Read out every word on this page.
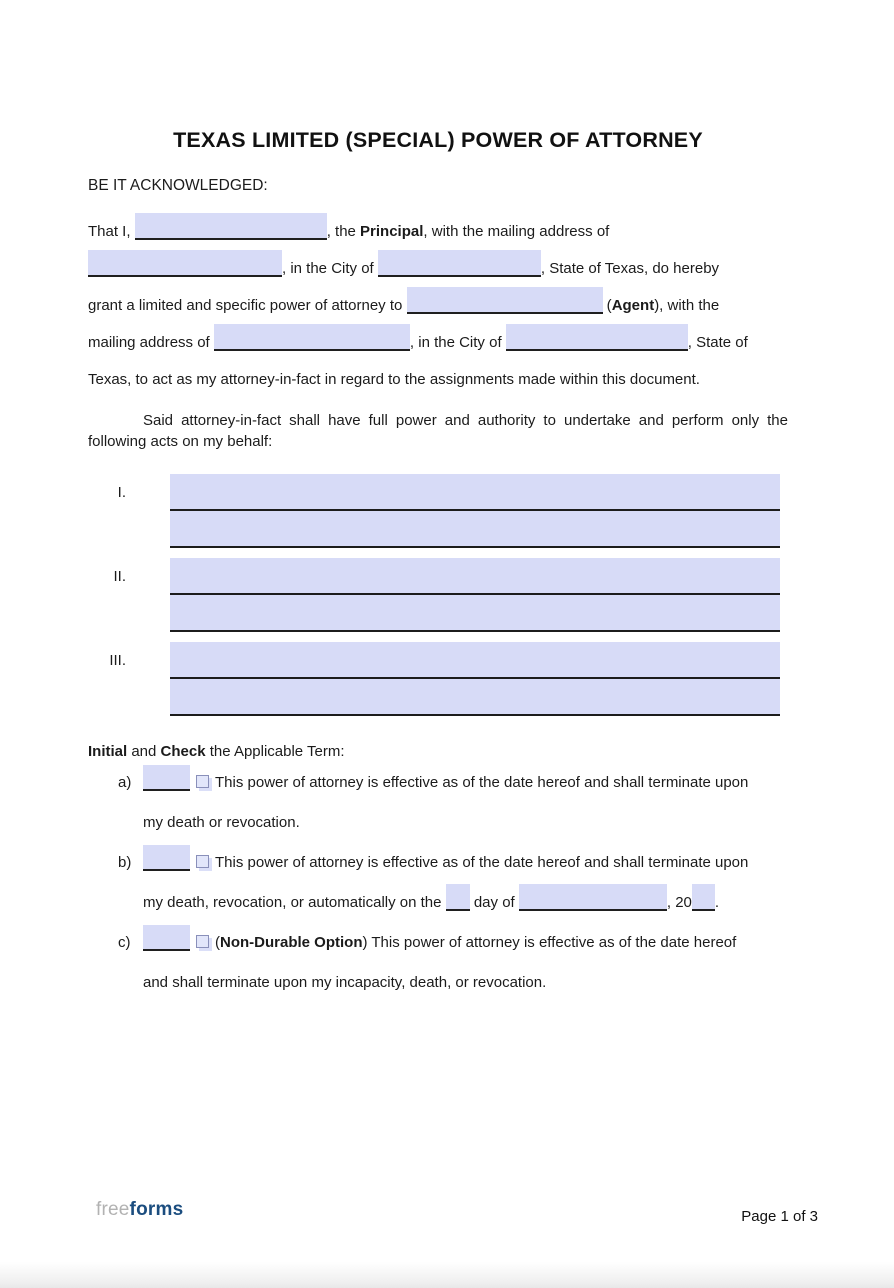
TEXAS LIMITED (SPECIAL) POWER OF ATTORNEY

BE IT ACKNOWLEDGED:

That I,	, the Principal, with the mailing address of
, in the City of	, State of Texas, do hereby
grant a limited and specific power of attorney to	(Agent), with the
mailing address of	, in the City of	, State of
Texas, to act as my attorney-in-fact in regard to the assignments made within this document.
Said attorney-in-fact shall have full power and authority to undertake and perform only the
following acts on my behalf:
I.
II.
III.
Initial and Check the Applicable Term:
a)	This power of attorney is effective as of the date hereof and shall terminate upon
my death or revocation.
b)	This power of attorney is effective as of the date hereof and shall terminate upon
my death, revocation, or automatically on the  day of	, 20 .
c)	(Non-Durable Option) This power of attorney is effective as of the date hereof
and shall terminate upon my incapacity, death, or revocation.
freeforms	Page 1 of 3
